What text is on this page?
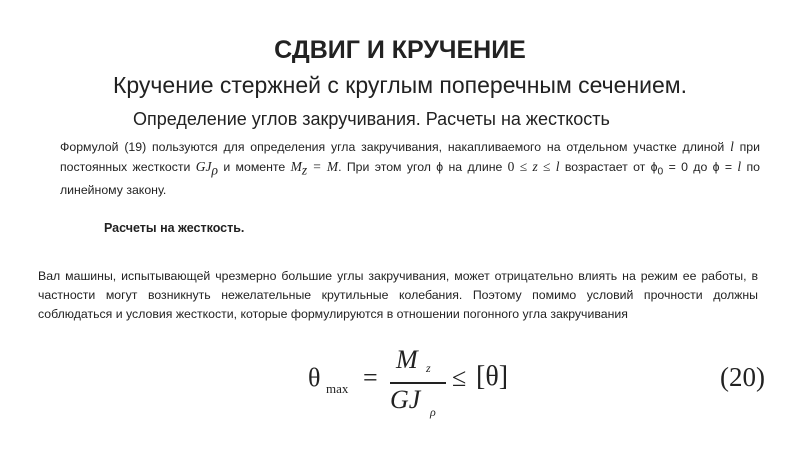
СДВИГ И КРУЧЕНИЕ
Кручение стержней с круглым поперечным сечением.
Определение углов закручивания. Расчеты на жесткость
Формулой (19) пользуются для определения угла закручивания, накапливаемого на отдельном участке длиной l при постоянных жесткости $GJ_\rho$ и моменте $M_z = M$. При этом угол ϕ на длине 0 ≤ z ≤ l возрастает от $\phi_0 = 0$ до ϕ = l по линейному закону.
Расчеты на жесткость.
Вал машины, испытывающей чрезмерно большие углы закручивания, может отрицательно влиять на режим ее работы, в частности могут возникнуть нежелательные крутильные колебания. Поэтому помимо условий прочности должны соблюдаться и условия жесткости, которые формулируются в отношении погонного угла закручивания
θ max =
M z
GJ ρ
≤ [θ]	(20)
